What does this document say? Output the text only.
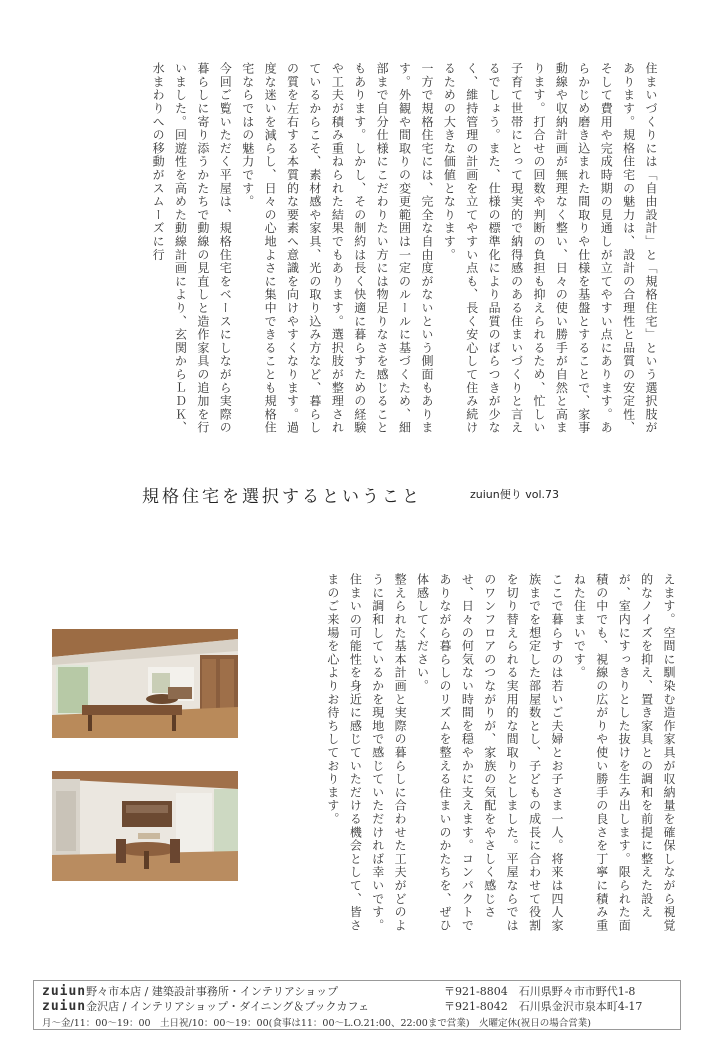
住まいづくりには「自由設計」と「規格住宅」という選択肢があります。規格住宅の魅力は、設計の合理性と品質の安定性、そして費用や完成時期の見通しが立てやすい点にあります。あらかじめ磨き込まれた間取りや仕様を基盤とすることで、家事動線や収納計画が無理なく整い、日々の使い勝手が自然と高まります。打合せの回数や判断の負担も抑えられるため、忙しい子育て世帯にとって現実的で納得感のある住まいづくりと言えるでしょう。また、仕様の標準化により品質のばらつきが少なく、維持管理の計画を立てやすい点も、長く安心して住み続けるための大きな価値となります。

一方で規格住宅には、完全な自由度がないという側面もあります。外観や間取りの変更範囲は一定のルールに基づくため、細部まで自分仕様にこだわりたい方には物足りなさを感じることもあります。しかし、その制約は長く快適に暮らすための経験や工夫が積み重ねられた結果でもあります。選択肢が整理されているからこそ、素材感や家具、光の取り込み方など、暮らしの質を左右する本質的な要素へ意識を向けやすくなります。過度な迷いを減らし、日々の心地よさに集中できることも規格住宅ならではの魅力です。

今回ご覧いただく平屋は、規格住宅をベースにしながら実際の暮らしに寄り添うかたちで動線の見直しと造作家具の追加を行いました。回遊性を高めた動線計画により、玄関からＬＤＫ、水まわりへの移動がスムーズに行

規格住宅を選択するということ	zuiun便り vol.73

えます。空間に馴染む造作家具が収納量を確保しながら視覚的なノイズを抑え、置き家具との調和を前提に整えた設えが、室内にすっきりとした抜けを生み出します。限られた面積の中でも、視線の広がりや使い勝手の良さを丁寧に積み重ねた住まいです。

ここで暮らすのは若いご夫婦とお子さま一人。将来は四人家族までを想定した部屋数とし、子どもの成長に合わせて役割を切り替えられる実用的な間取りとしました。平屋ならではのワンフロアのつながりが、家族の気配をやさしく感じさせ、日々の何気ない時間を穏やかに支えます。コンパクトでありながら暮らしのリズムを整える住まいのかたちを、ぜひ体感してください。

整えられた基本計画と実際の暮らしに合わせた工夫がどのように調和しているかを現地で感じていただければ幸いです。住まいの可能性を身近に感じていただける機会として、皆さまのご来場を心よりお待ちしております。

zuiun野々市本店 / 建築設計事務所・インテリアショップ	〒921-8804　石川県野々市市野代1-8
zuiun金沢店 / インテリアショップ・ダイニング＆ブックカフェ	〒921-8042　石川県金沢市泉本町4-17
月～金/11：00～19：00　土日祝/10：00～19：00(食事は11：00～L.O.21:00、22:00まで営業)　火曜定休(祝日の場合営業)
